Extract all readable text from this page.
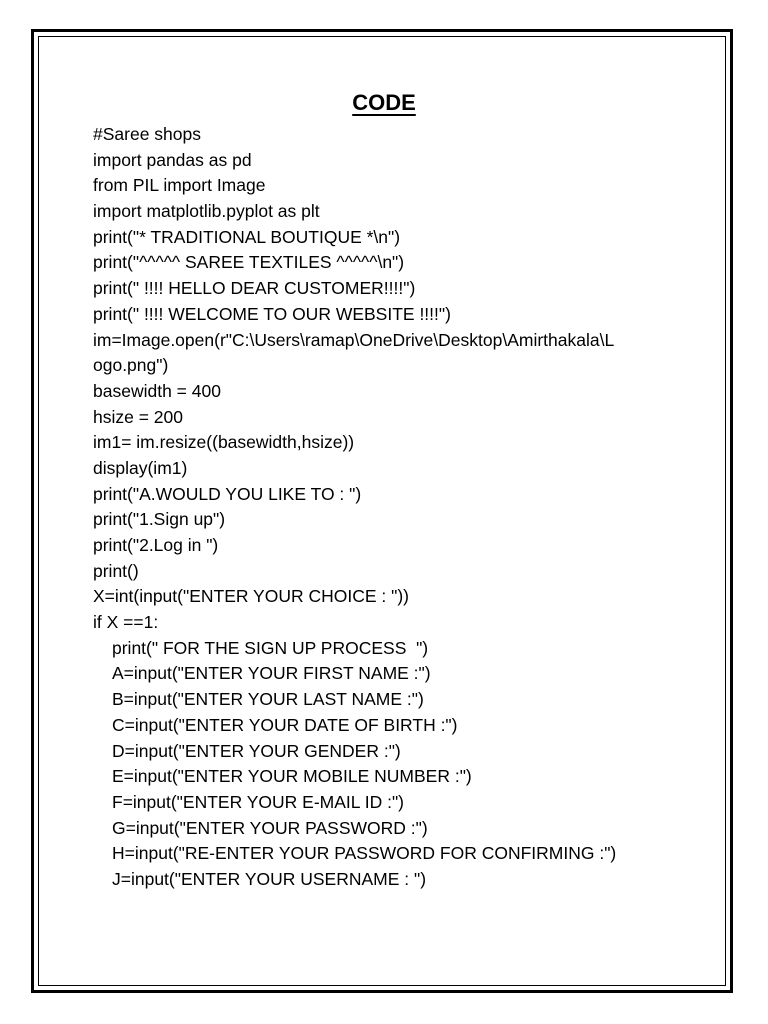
CODE
#Saree shops
import pandas as pd
from PIL import Image
import matplotlib.pyplot as plt
print("* TRADITIONAL BOUTIQUE *\n")
print("^^^^^ SAREE TEXTILES ^^^^^\n")
print(" !!!! HELLO DEAR CUSTOMER!!!!")
print(" !!!! WELCOME TO OUR WEBSITE !!!!")
im=Image.open(r"C:\Users\ramap\OneDrive\Desktop\Amirthakala\L
ogo.png")
basewidth = 400
hsize = 200
im1= im.resize((basewidth,hsize))
display(im1)
print("A.WOULD YOU LIKE TO : ")
print("1.Sign up")
print("2.Log in ")
print()
X=int(input("ENTER YOUR CHOICE : "))
if X ==1:
print(" FOR THE SIGN UP PROCESS  ")
A=input("ENTER YOUR FIRST NAME :")
B=input("ENTER YOUR LAST NAME :")
C=input("ENTER YOUR DATE OF BIRTH :")
D=input("ENTER YOUR GENDER :")
E=input("ENTER YOUR MOBILE NUMBER :")
F=input("ENTER YOUR E-MAIL ID :")
G=input("ENTER YOUR PASSWORD :")
H=input("RE-ENTER YOUR PASSWORD FOR CONFIRMING :")
J=input("ENTER YOUR USERNAME : ")
